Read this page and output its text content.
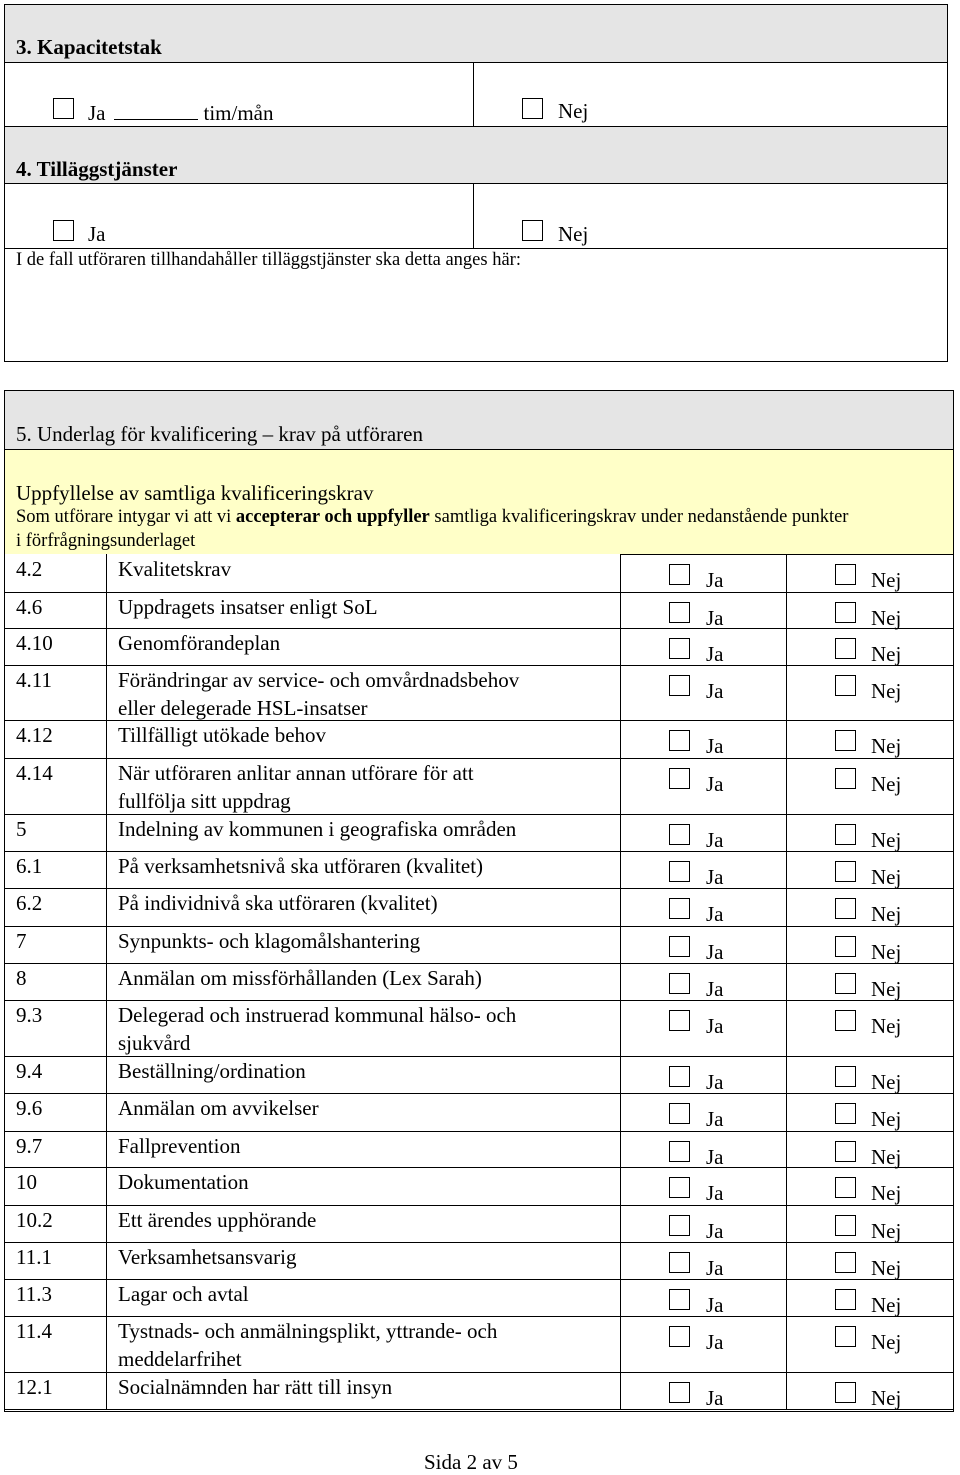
3. Kapacitetstak
Ja	tim/mån	Nej
4. Tilläggstjänster
Ja	Nej
I de fall utföraren tillhandahåller tilläggstjänster ska detta anges här:
5. Underlag för kvalificering – krav på utföraren
Uppfyllelse av samtliga kvalificeringskrav
Som utförare intygar vi att vi accepterar och uppfyller samtliga kvalificeringskrav under nedanstående punkter
i förfrågningsunderlaget
4.2	Kvalitetskrav	Ja	Nej
4.6	Uppdragets insatser enligt SoL	Ja	Nej
4.10	Genomförandeplan	Ja	Nej
4.11	Förändringar av service- och omvårdnadsbehov
eller delegerade HSL-insatser
Ja	Nej
4.12	Tillfälligt utökade behov	Ja	Nej
4.14	När utföraren anlitar annan utförare för att
fullfölja sitt uppdrag
Ja	Nej
5	Indelning av kommunen i geografiska områden	Ja	Nej
6.1	På verksamhetsnivå ska utföraren (kvalitet)	Ja	Nej
6.2	På individnivå ska utföraren (kvalitet)	Ja	Nej
7	Synpunkts- och klagomålshantering	Ja	Nej
8	Anmälan om missförhållanden (Lex Sarah)	Ja	Nej
9.3	Delegerad och instruerad kommunal hälso- och
sjukvård
Ja	Nej
9.4	Beställning/ordination	Ja	Nej
9.6	Anmälan om avvikelser	Ja	Nej
9.7	Fallprevention	Ja	Nej
10	Dokumentation	Ja	Nej
10.2	Ett ärendes upphörande	Ja	Nej
11.1	Verksamhetsansvarig	Ja	Nej
11.3	Lagar och avtal	Ja	Nej
11.4	Tystnads- och anmälningsplikt, yttrande- och
meddelarfrihet
Ja	Nej
12.1	Socialnämnden har rätt till insyn	Ja	Nej
Sida 2 av 5
